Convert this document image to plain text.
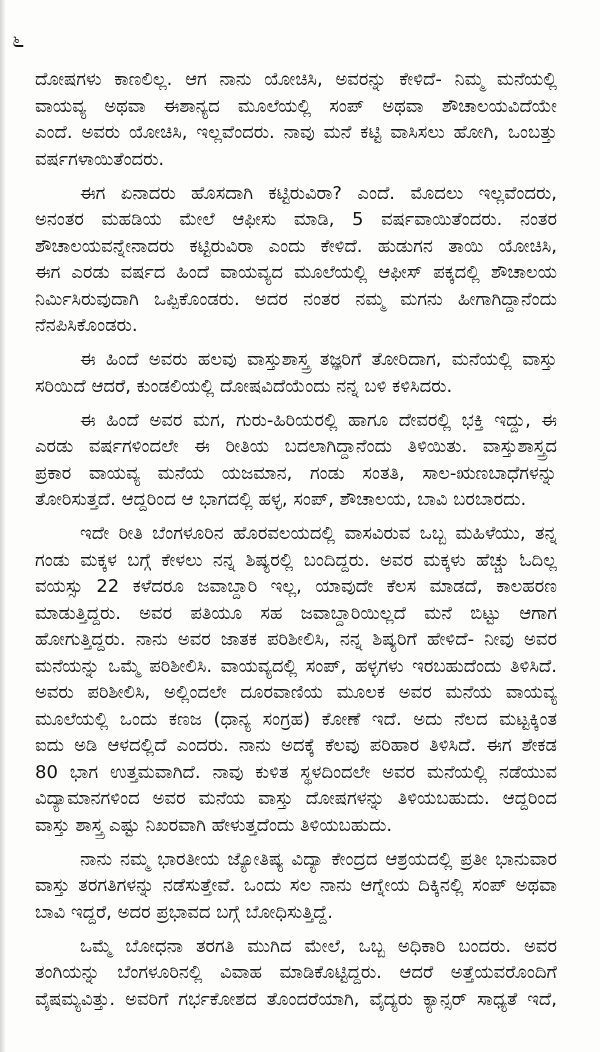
೬
ದೋಷಗಳು ಕಾಣಲಿಲ್ಲ. ಆಗ ನಾನು ಯೋಚಿಸಿ, ಅವರನ್ನು ಕೇಳಿದೆ- ನಿಮ್ಮ ಮನೆಯಲ್ಲಿ
ವಾಯವ್ಯ ಅಥವಾ ಈಶಾನ್ಯದ ಮೂಲೆಯಲ್ಲಿ ಸಂಪ್ ಅಥವಾ ಶೌಚಾಲಯವಿದೆಯೇ
ಎಂದೆ. ಅವರು ಯೋಚಿಸಿ, ಇಲ್ಲವೆಂದರು. ನಾವು ಮನೆ ಕಟ್ಟಿ ವಾಸಿಸಲು ಹೋಗಿ, ಒಂಬತ್ತು
ವರ್ಷಗಳಾಯಿತೆಂದರು.
ಈಗ ಏನಾದರು ಹೊಸದಾಗಿ ಕಟ್ಟಿರುವಿರಾ? ಎಂದೆ. ಮೊದಲು ಇಲ್ಲವೆಂದರು,
ಅನಂತರ ಮಹಡಿಯ ಮೇಲೆ ಆಫೀಸು ಮಾಡಿ, 5 ವರ್ಷವಾಯಿತೆಂದರು. ನಂತರ
ಶೌಚಾಲಯವನ್ನೇನಾದರು ಕಟ್ಟಿರುವಿರಾ ಎಂದು ಕೇಳಿದೆ. ಹುಡುಗನ ತಾಯಿ ಯೋಚಿಸಿ,
ಈಗ ಎರಡು ವರ್ಷದ ಹಿಂದೆ ವಾಯವ್ಯದ ಮೂಲೆಯಲ್ಲಿ ಆಫೀಸ್ ಪಕ್ಕದಲ್ಲಿ ಶೌಚಾಲಯ
ನಿರ್ಮಿಸಿರುವುದಾಗಿ ಒಪ್ಪಿಕೊಂಡರು. ಅದರ ನಂತರ ನಮ್ಮ ಮಗನು ಹೀಗಾಗಿದ್ದಾನೆಂದು
ನೆನಪಿಸಿಕೊಂಡರು.
ಈ ಹಿಂದೆ ಅವರು ಹಲವು ವಾಸ್ತುಶಾಸ್ತ್ರ ತಜ್ಞರಿಗೆ ತೋರಿದಾಗ, ಮನೆಯಲ್ಲಿ ವಾಸ್ತು
ಸರಿಯಿದೆ ಆದರೆ, ಕುಂಡಲಿಯಲ್ಲಿ ದೋಷವಿದೆಯೆಂದು ನನ್ನ ಬಳಿ ಕಳಿಸಿದರು.
ಈ ಹಿಂದೆ ಅವರ ಮಗ, ಗುರು-ಹಿರಿಯರಲ್ಲಿ ಹಾಗೂ ದೇವರಲ್ಲಿ ಭಕ್ತಿ ಇದ್ದು, ಈ
ಎರಡು ವರ್ಷಗಳಿಂದಲೇ ಈ ರೀತಿಯ ಬದಲಾಗಿದ್ದಾನೆಂದು ತಿಳಿಯಿತು. ವಾಸ್ತುಶಾಸ್ತ್ರದ
ಪ್ರಕಾರ ವಾಯವ್ಯ ಮನೆಯ ಯಜಮಾನ, ಗಂಡು ಸಂತತಿ, ಸಾಲ-ಋಣಬಾಧೆಗಳನ್ನು
ತೋರಿಸುತ್ತದೆ. ಆದ್ದರಿಂದ ಆ ಭಾಗದಲ್ಲಿ ಹಳ್ಳ, ಸಂಪ್, ಶೌಚಾಲಯ, ಬಾವಿ ಬರಬಾರದು.
ಇದೇ ರೀತಿ ಬೆಂಗಳೂರಿನ ಹೊರವಲಯದಲ್ಲಿ ವಾಸವಿರುವ ಒಬ್ಬ ಮಹಿಳೆಯು, ತನ್ನ
ಗಂಡು ಮಕ್ಕಳ ಬಗ್ಗೆ ಕೇಳಲು ನನ್ನ ಶಿಷ್ಯರಲ್ಲಿ ಬಂದಿದ್ದರು. ಅವರ ಮಕ್ಕಳು ಹೆಚ್ಚು ಓದಿಲ್ಲ
ವಯಸ್ಸು 22 ಕಳೆದರೂ ಜವಾಬ್ದಾರಿ ಇಲ್ಲ, ಯಾವುದೇ ಕೆಲಸ ಮಾಡದೆ, ಕಾಲಹರಣ
ಮಾಡುತ್ತಿದ್ದರು. ಅವರ ಪತಿಯೂ ಸಹ ಜವಾಬ್ದಾರಿಯಿಲ್ಲದೆ ಮನೆ ಬಿಟ್ಟು ಆಗಾಗ
ಹೋಗುತ್ತಿದ್ದರು. ನಾನು ಅವರ ಜಾತಕ ಪರಿಶೀಲಿಸಿ, ನನ್ನ ಶಿಷ್ಯರಿಗೆ ಹೇಳಿದೆ- ನೀವು ಅವರ
ಮನೆಯನ್ನು ಒಮ್ಮೆ ಪರಿಶೀಲಿಸಿ. ವಾಯವ್ಯದಲ್ಲಿ ಸಂಪ್, ಹಳ್ಳಗಳು ಇರಬಹುದೆಂದು ತಿಳಿಸಿದೆ.
ಅವರು ಪರಿಶೀಲಿಸಿ, ಅಲ್ಲಿಂದಲೇ ದೂರವಾಣಿಯ ಮೂಲಕ ಅವರ ಮನೆಯ ವಾಯವ್ಯ
ಮೂಲೆಯಲ್ಲಿ ಒಂದು ಕಣಜ (ಧಾನ್ಯ ಸಂಗ್ರಹ) ಕೋಣೆ ಇದೆ. ಅದು ನೆಲದ ಮಟ್ಟಕ್ಕಿಂತ
ಐದು ಅಡಿ ಆಳದಲ್ಲಿದೆ ಎಂದರು. ನಾನು ಅದಕ್ಕೆ ಕೆಲವು ಪರಿಹಾರ ತಿಳಿಸಿದೆ. ಈಗ ಶೇಕಡ
80 ಭಾಗ ಉತ್ತಮವಾಗಿದೆ. ನಾವು ಕುಳಿತ ಸ್ಥಳದಿಂದಲೇ ಅವರ ಮನೆಯಲ್ಲಿ ನಡೆಯುವ
ವಿದ್ಯಾಮಾನಗಳಿಂದ ಅವರ ಮನೆಯ ವಾಸ್ತು ದೋಷಗಳನ್ನು ತಿಳಿಯಬಹುದು. ಆದ್ದರಿಂದ
ವಾಸ್ತು ಶಾಸ್ತ್ರ ಎಷ್ಟು ನಿಖರವಾಗಿ ಹೇಳುತ್ತದೆಂದು ತಿಳಿಯಬಹುದು.
ನಾನು ನಮ್ಮ ಭಾರತೀಯ ಜ್ಯೋತಿಷ್ಯ ವಿದ್ಯಾ ಕೇಂದ್ರದ ಆಶ್ರಯದಲ್ಲಿ ಪ್ರತೀ ಭಾನುವಾರ
ವಾಸ್ತು ತರಗತಿಗಳನ್ನು ನಡೆಸುತ್ತೇವೆ. ಒಂದು ಸಲ ನಾನು ಆಗ್ನೇಯ ದಿಕ್ಕಿನಲ್ಲಿ ಸಂಪ್ ಅಥವಾ
ಬಾವಿ ಇದ್ದರೆ, ಅದರ ಪ್ರಭಾವದ ಬಗ್ಗೆ ಬೋಧಿಸುತ್ತಿದ್ದೆ.
ಒಮ್ಮೆ ಬೋಧನಾ ತರಗತಿ ಮುಗಿದ ಮೇಲೆ, ಒಬ್ಬ ಅಧಿಕಾರಿ ಬಂದರು. ಅವರ
ತಂಗಿಯನ್ನು ಬೆಂಗಳೂರಿನಲ್ಲಿ ವಿವಾಹ ಮಾಡಿಕೊಟ್ಟಿದ್ದರು. ಆದರೆ ಅತ್ತೆಯವರೊಂದಿಗೆ
ವೈಷಮ್ಯವಿತ್ತು. ಅವರಿಗೆ ಗರ್ಭಕೋಶದ ತೊಂದರೆಯಾಗಿ, ವೈದ್ಯರು ಕ್ಯಾನ್ಸರ್ ಸಾಧ್ಯತೆ ಇದೆ,
